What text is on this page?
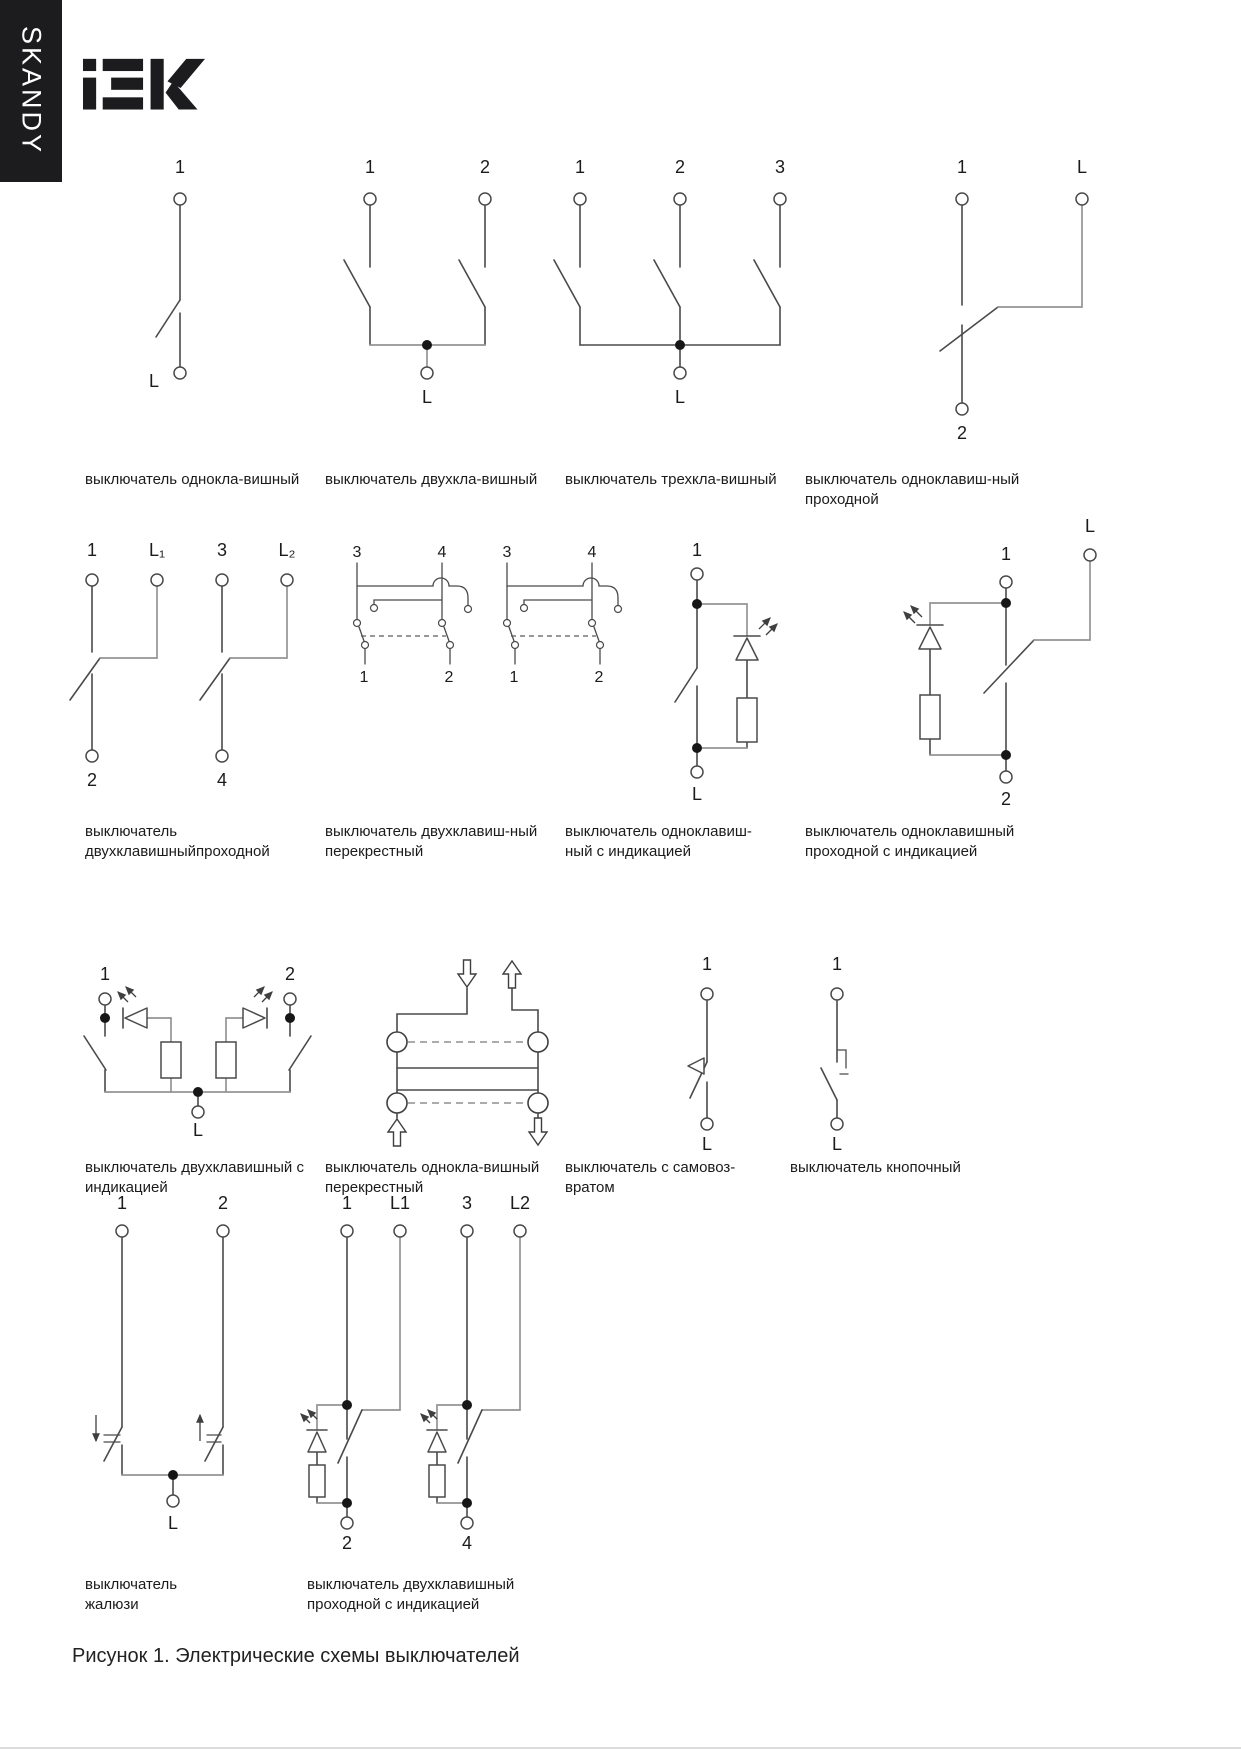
SKANDY
1
L
1	2
L
1	2	3
L
1	L
2
выключатель однокла-вишный	выключатель двухкла-вишный	выключатель трехкла-вишный	выключатель одноклавиш-ный
проходной
1	L₁	3	L₂
2	4
3	4
1	2
3	4
1	2
1
L
1
L
2
выключатель
двухклавишныйпроходной
выключатель двухклавиш-ный
перекрестный
выключатель одноклавиш-
ный с индикацией
выключатель одноклавишный
проходной с индикацией
1	2
L
1
L
1
L
выключатель двухклавишный с
индикацией
выключатель однокла-вишный
перекрестный
выключатель с самовоз-
вратом
выключатель кнопочный
1	2
L
1 L1
2
3 L2
4
выключатель
жалюзи
выключатель двухклавишный
проходной с индикацией
Рисунок 1. Электрические схемы выключателей
